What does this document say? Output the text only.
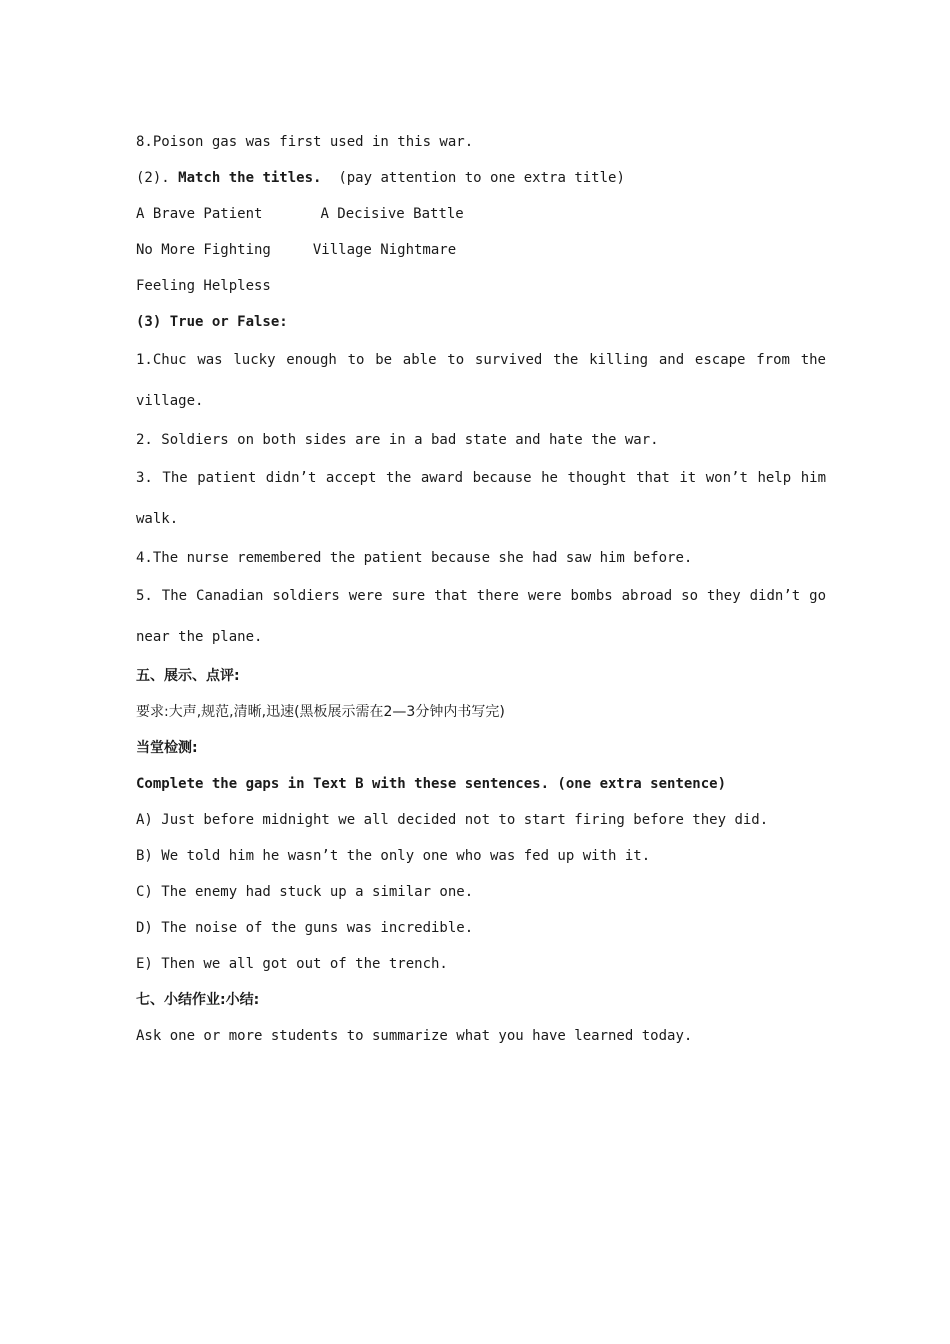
8.Poison gas was first used in this war.
(2). Match the titles. (pay attention to one extra title)
A Brave Patient	A Decisive Battle
No More Fighting	Village Nightmare
Feeling Helpless
(3) True or False:
1.Chuc was lucky enough to be able to survived the killing and escape from the village.
2. Soldiers on both sides are in a bad state and hate the war.
3. The patient didn’t accept the award because he thought that it won’t help him walk.
4.The nurse remembered the patient because she had saw him before.
5. The Canadian soldiers were sure that there were bombs abroad so they didn’t go near the plane.
五、展示、点评:
要求:大声,规范,清晰,迅速(黑板展示需在2—3分钟内书写完)
当堂检测:
Complete the gaps in Text B with these sentences. (one extra sentence)
A) Just before midnight we all decided not to start firing before they did.
B) We told him he wasn’t the only one who was fed up with it.
C) The enemy had stuck up a similar one.
D) The noise of the guns was incredible.
E) Then we all got out of the trench.
七、小结作业:小结:
Ask one or more students to summarize what you have learned today.
